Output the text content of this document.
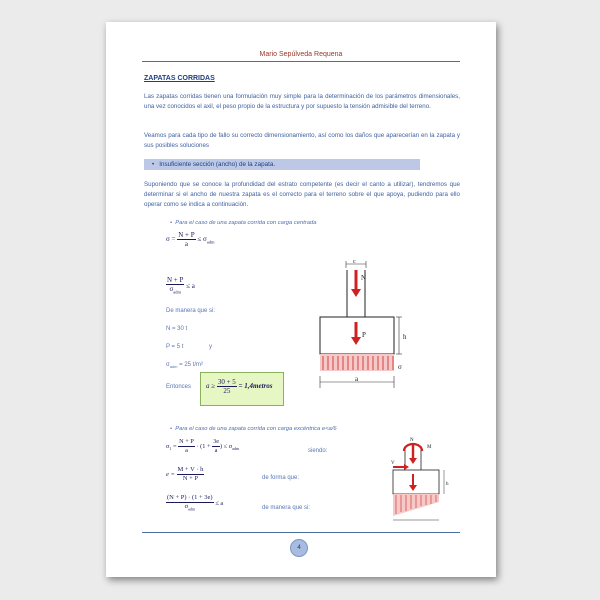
Mario Sepúlveda Requena
ZAPATAS CORRIDAS
Las zapatas corridas tienen una formulación muy simple para la determinación de los parámetros dimensionales, una vez conocidos el axil, el peso propio de la estructura y por supuesto la tensión admisible del terreno.
Veamos para cada tipo de fallo su correcto dimensionamiento, así como los daños que aparecerían en la zapata y sus posibles soluciones
• Insuficiente sección (ancho) de la zapata.
Suponiendo que se conoce la profundidad del estrato competente (es decir el canto a utilizar), tendremos que determinar si el ancho de nuestra zapata es el correcto para el terreno sobre el que apoya, pudiendo para ello operar como se indica a continuación.
•  Para el caso de una zapata corrida con carga centrada
$\sigma = \frac{N + P}{a} \le \sigma_{adm}$
$\frac{N + P}{\sigma_{adm}} \le a$
De manera que si:
N = 30 t
P = 5 t	y
$\sigma_{adm} = 25$ t/m²
Entonces $a \ge \frac{30 + 5}{25}$ = 1,4metros
c
N
P	h
σ
a
•  Para el caso de una zapata corrida con carga excéntrica e<a/6
$\sigma_1 = \frac{N + P}{a} \cdot (1 + \frac{3e}{a}$ ) ≤ $\sigma_{adm}$	siendo:
$e = \frac{M + V \cdot h}{N + P}$	de forma que:
$\frac{(N + P) \cdot (1 + 3e)}{\sigma_{adm}} \le a$
de manera que si:
N
M
V
h
4
